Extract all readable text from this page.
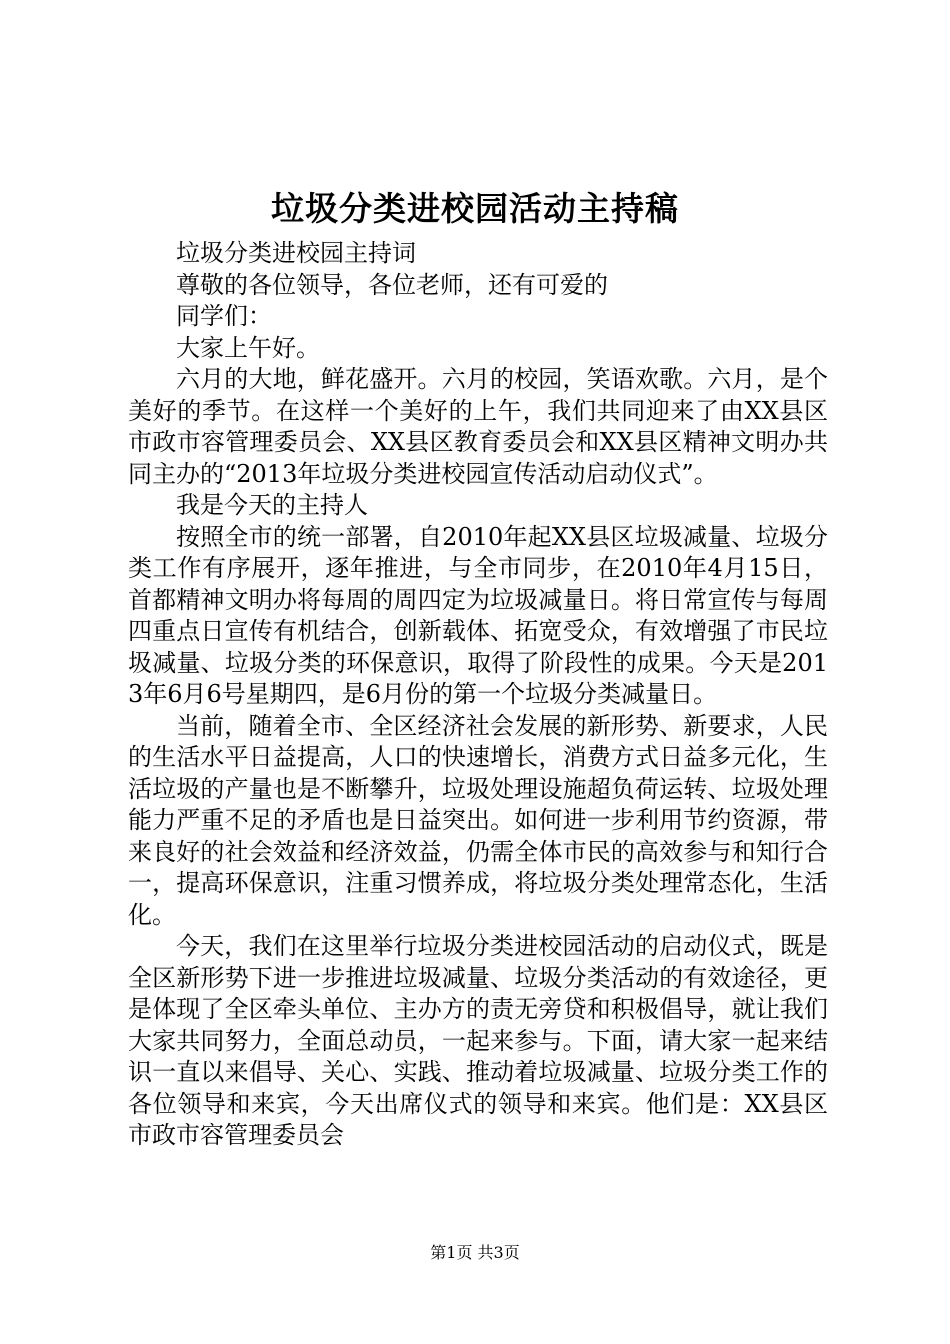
垃圾分类进校园活动主持稿

垃圾分类进校园主持词

尊敬的各位领导，各位老师，还有可爱的

同学们：

大家上午好。

六月的大地，鲜花盛开。六月的校园，笑语欢歌。六月，是个美好的季节。在这样一个美好的上午，我们共同迎来了由XX县区市政市容管理委员会、XX县区教育委员会和XX县区精神文明办共同主办的“2013年垃圾分类进校园宣传活动启动仪式”。

我是今天的主持人

按照全市的统一部署，自2010年起XX县区垃圾减量、垃圾分类工作有序展开，逐年推进，与全市同步，在2010年4月15日，首都精神文明办将每周的周四定为垃圾减量日。将日常宣传与每周四重点日宣传有机结合，创新载体、拓宽受众，有效增强了市民垃圾减量、垃圾分类的环保意识，取得了阶段性的成果。今天是2013年6月6号星期四，是6月份的第一个垃圾分类减量日。

当前，随着全市、全区经济社会发展的新形势、新要求，人民的生活水平日益提高，人口的快速增长，消费方式日益多元化，生活垃圾的产量也是不断攀升，垃圾处理设施超负荷运转、垃圾处理能力严重不足的矛盾也是日益突出。如何进一步利用节约资源，带来良好的社会效益和经济效益，仍需全体市民的高效参与和知行合一，提高环保意识，注重习惯养成，将垃圾分类处理常态化，生活化。

今天，我们在这里举行垃圾分类进校园活动的启动仪式，既是全区新形势下进一步推进垃圾减量、垃圾分类活动的有效途径，更是体现了全区牵头单位、主办方的责无旁贷和积极倡导，就让我们大家共同努力，全面总动员，一起来参与。下面，请大家一起来结识一直以来倡导、关心、实践、推动着垃圾减量、垃圾分类工作的各位领导和来宾，今天出席仪式的领导和来宾。他们是：XX县区市政市容管理委员会

第1页 共3页
